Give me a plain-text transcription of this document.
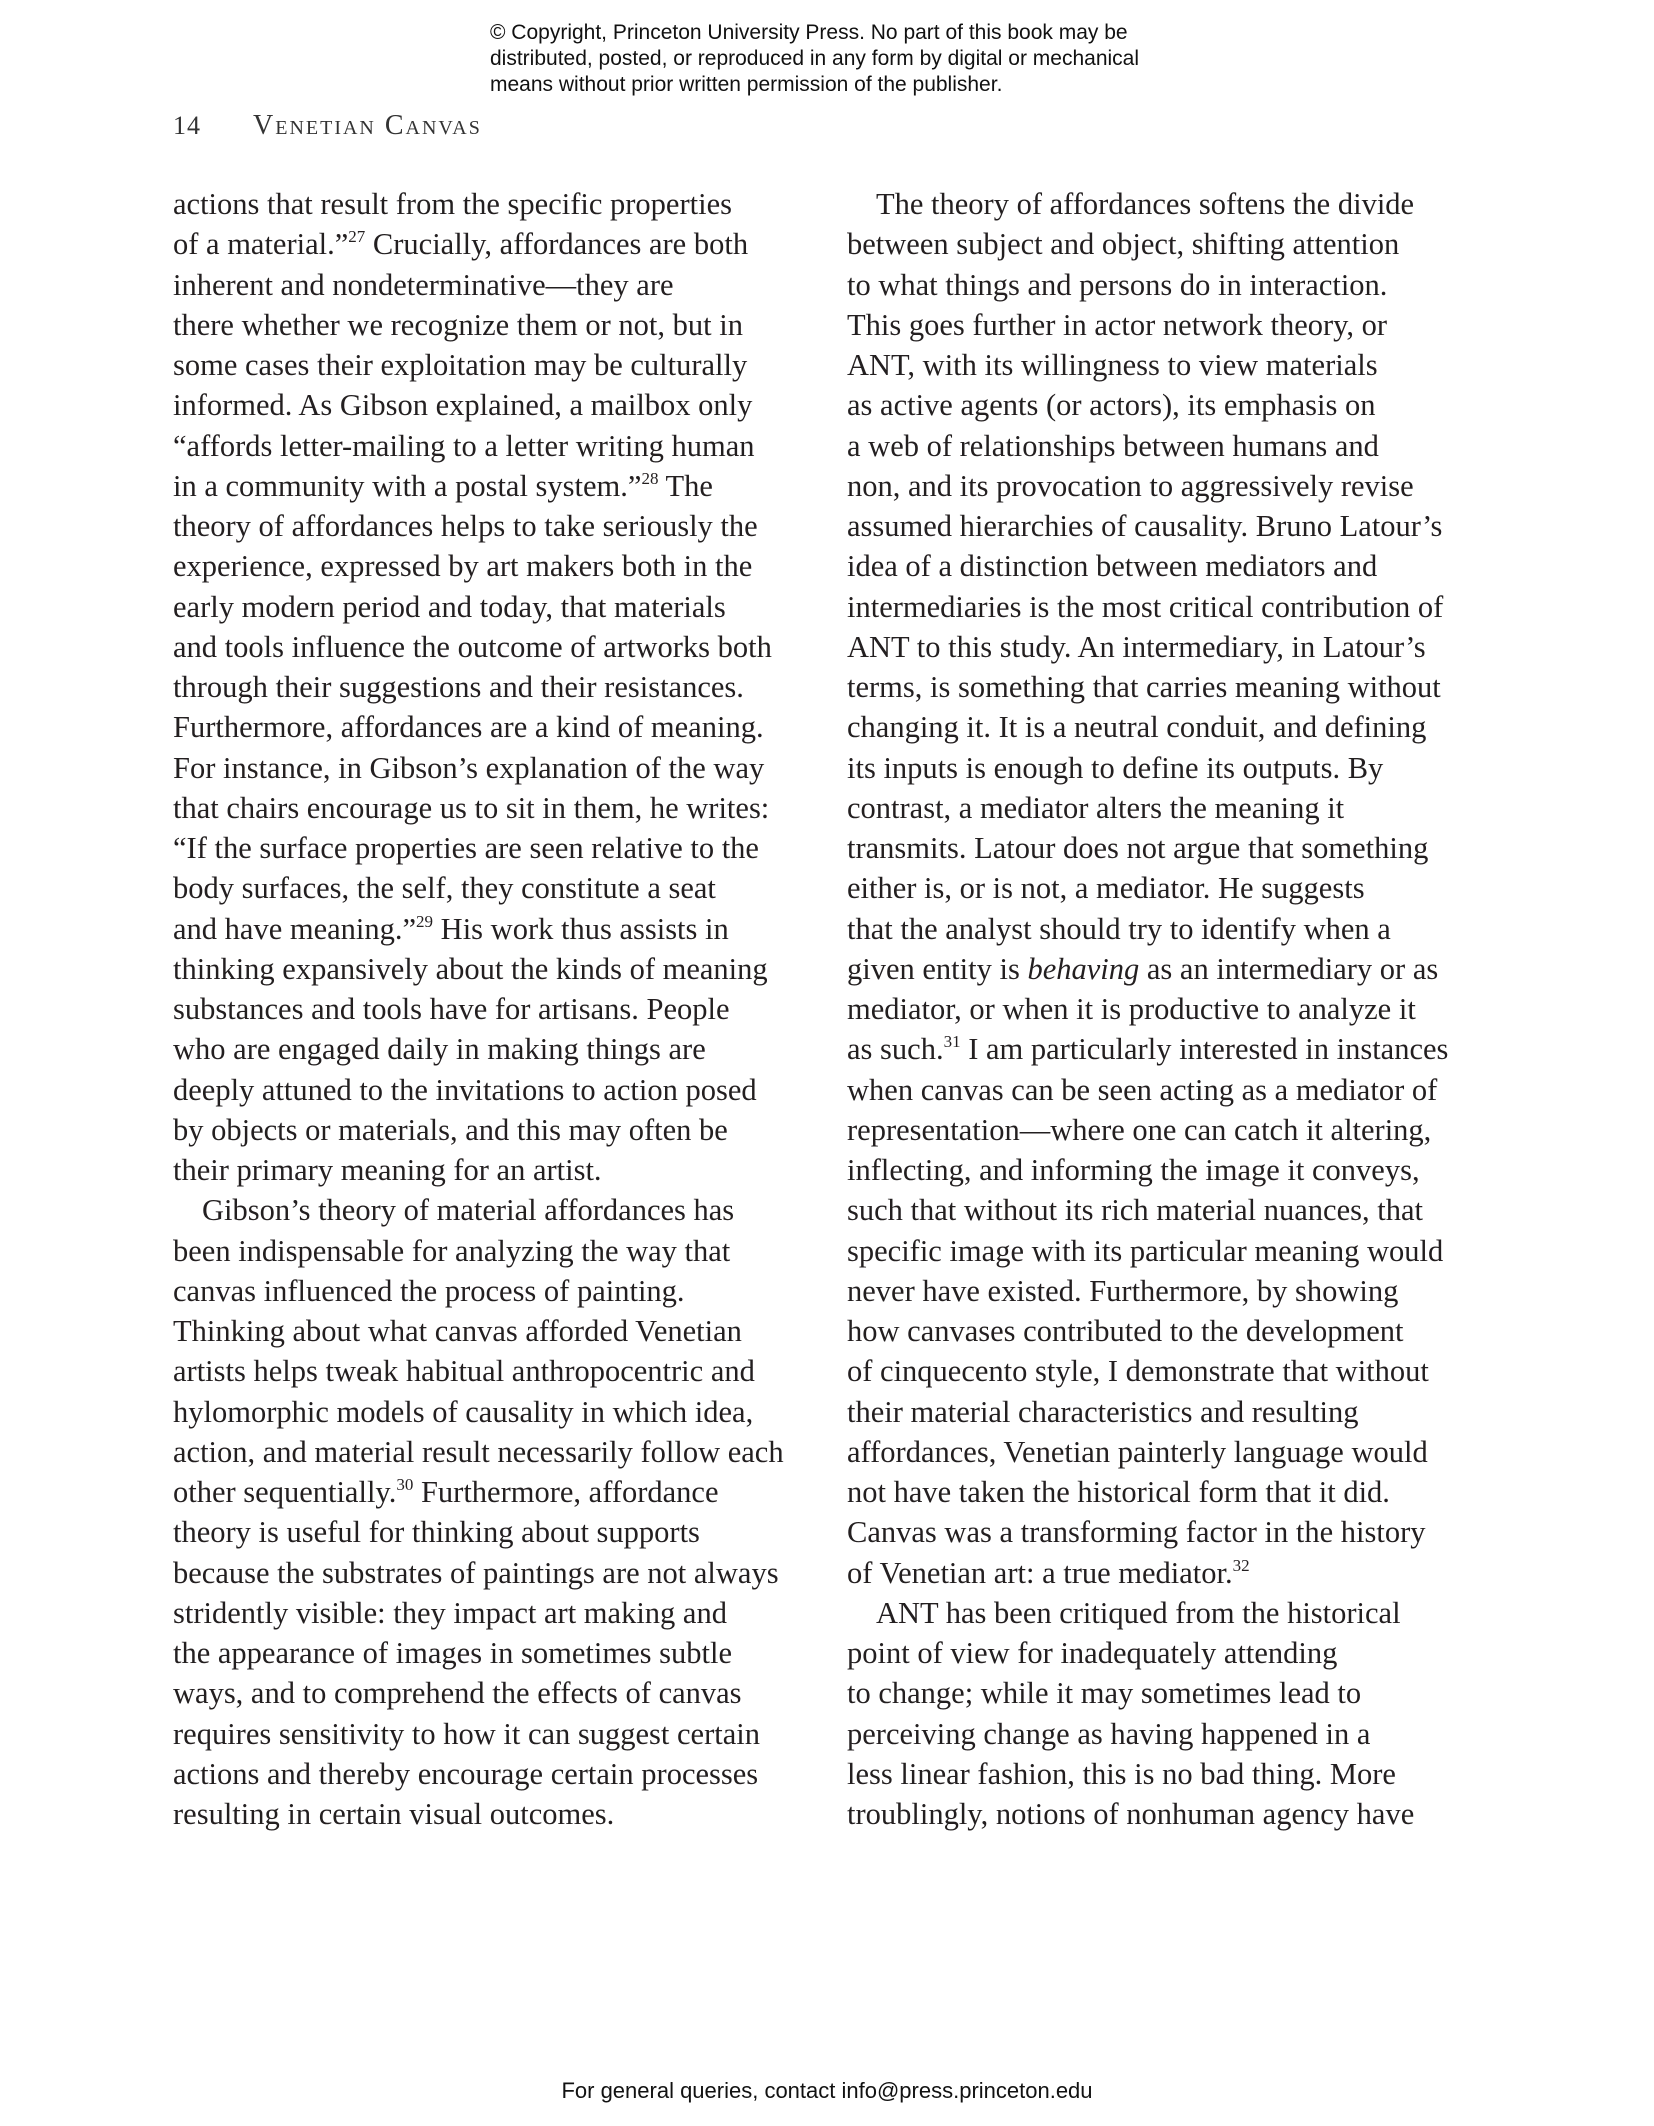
© Copyright, Princeton University Press. No part of this book may be
distributed, posted, or reproduced in any form by digital or mechanical
means without prior written permission of the publisher.
14 Venetian Canvas
actions that result from the specific properties
of a material.”$^{27}$ Crucially, affordances are both
inherent and nondeterminative—they are
there whether we recognize them or not, but in
some cases their exploitation may be culturally
informed. As Gibson explained, a mailbox only
“affords letter-mailing to a letter writing human
in a community with a postal system.”$^{28}$ The
theory of affordances helps to take seriously the
experience, expressed by art makers both in the
early modern period and today, that materials
and tools influence the outcome of artworks both
through their suggestions and their resistances.
Furthermore, affordances are a kind of meaning.
For instance, in Gibson’s explanation of the way
that chairs encourage us to sit in them, he writes:
“If the surface properties are seen relative to the
body surfaces, the self, they constitute a seat
and have meaning.”$^{29}$ His work thus assists in
thinking expansively about the kinds of meaning
substances and tools have for artisans. People
who are engaged daily in making things are
deeply attuned to the invitations to action posed
by objects or materials, and this may often be
their primary meaning for an artist.
Gibson’s theory of material affordances has
been indispensable for analyzing the way that
canvas influenced the process of painting.
Thinking about what canvas afforded Venetian
artists helps tweak habitual anthropocentric and
hylomorphic models of causality in which idea,
action, and material result necessarily follow each
other sequentially.$^{30}$ Furthermore, affordance
theory is useful for thinking about supports
because the substrates of paintings are not always
stridently visible: they impact art making and
the appearance of images in sometimes subtle
ways, and to comprehend the effects of canvas
requires sensitivity to how it can suggest certain
actions and thereby encourage certain processes
resulting in certain visual outcomes.
The theory of affordances softens the divide
between subject and object, shifting attention
to what things and persons do in interaction.
This goes further in actor network theory, or
ANT, with its willingness to view materials
as active agents (or actors), its emphasis on
a web of relationships between humans and
non, and its provocation to aggressively revise
assumed hierarchies of causality. Bruno Latour’s
idea of a distinction between mediators and
intermediaries is the most critical contribution of
ANT to this study. An intermediary, in Latour’s
terms, is something that carries meaning without
changing it. It is a neutral conduit, and defining
its inputs is enough to define its outputs. By
contrast, a mediator alters the meaning it
transmits. Latour does not argue that something
either is, or is not, a mediator. He suggests
that the analyst should try to identify when a
given entity is behaving as an intermediary or as
mediator, or when it is productive to analyze it
as such.$^{31}$ I am particularly interested in instances
when canvas can be seen acting as a mediator of
representation—where one can catch it altering,
inflecting, and informing the image it conveys,
such that without its rich material nuances, that
specific image with its particular meaning would
never have existed. Furthermore, by showing
how canvases contributed to the development
of cinquecento style, I demonstrate that without
their material characteristics and resulting
affordances, Venetian painterly language would
not have taken the historical form that it did.
Canvas was a transforming factor in the history
of Venetian art: a true mediator.$^{32}$
ANT has been critiqued from the historical
point of view for inadequately attending
to change; while it may sometimes lead to
perceiving change as having happened in a
less linear fashion, this is no bad thing. More
troublingly, notions of nonhuman agency have
For general queries, contact info@press.princeton.edu
